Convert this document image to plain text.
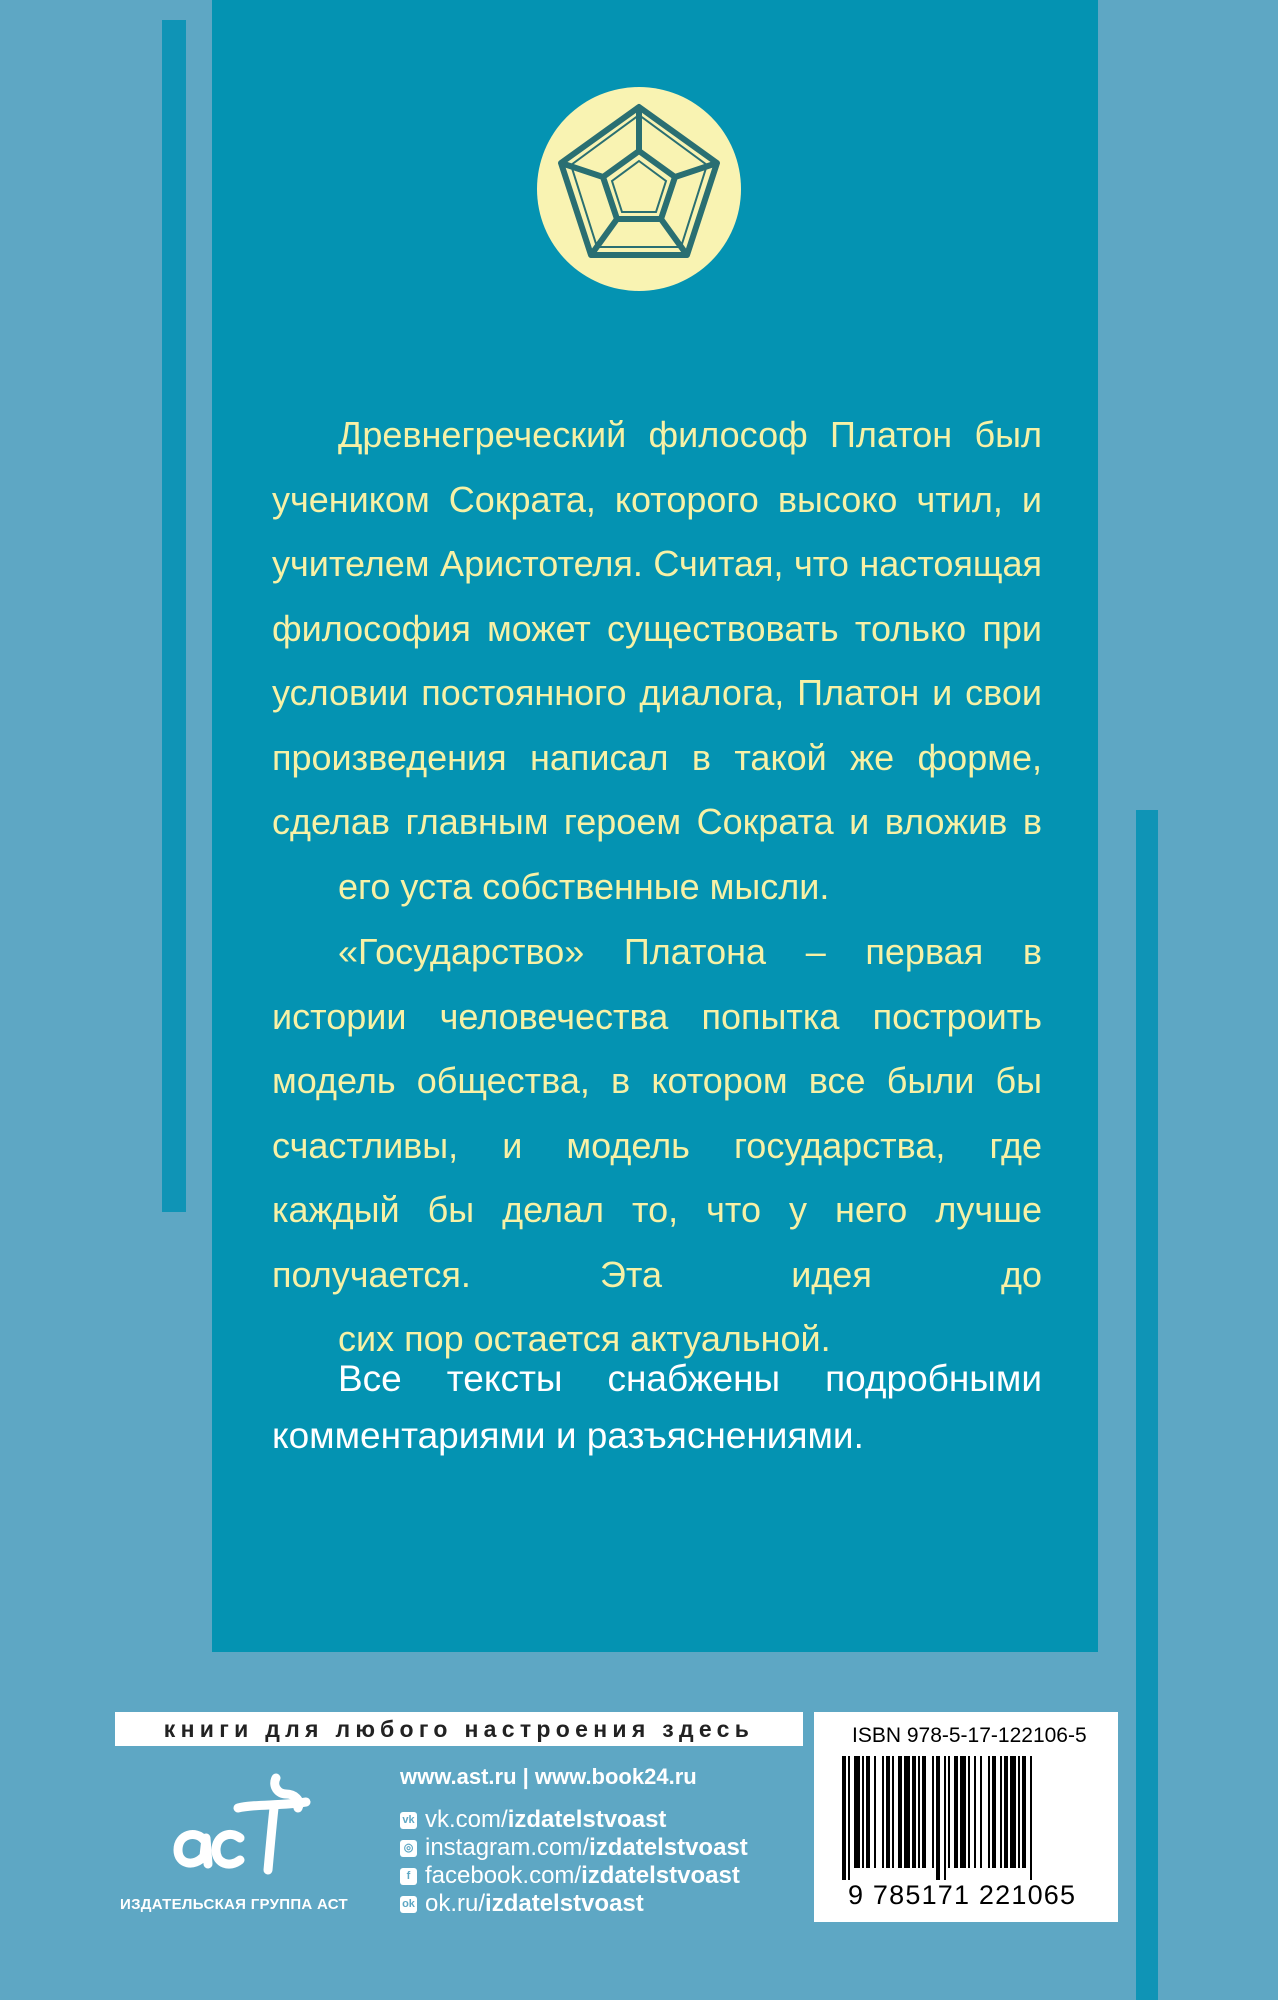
Древнегреческий философ Платон был учеником Сократа, которого высоко чтил, и учителем Аристотеля. Считая, что настоящая философия может существовать только при условии постоянного диалога, Платон и свои произведения написал в такой же форме, сделав главным героем Сократа и вложив в
его уста собственные мысли.

«Государство» Платона – первая в истории человечества попытка построить модель общества, в котором все были бы счастливы, и модель государства, где каждый бы делал то, что у него лучше получается. Эта идея до
сих пор остается актуальной.

Все тексты снабжены подробными комментариями и разъяснениями.

книги для любого настроения здесь
ИЗДАТЕЛЬСКАЯ ГРУППА АСТ
www.ast.ru | www.book24.ru
vk vk.com/ izdatelstvoast
◎ instagram.com/ izdatelstvoast
f facebook.com/ izdatelstvoast
ok ok.ru/ izdatelstvoast
ISBN 978-5-17-122106-5
9 785171 221065
